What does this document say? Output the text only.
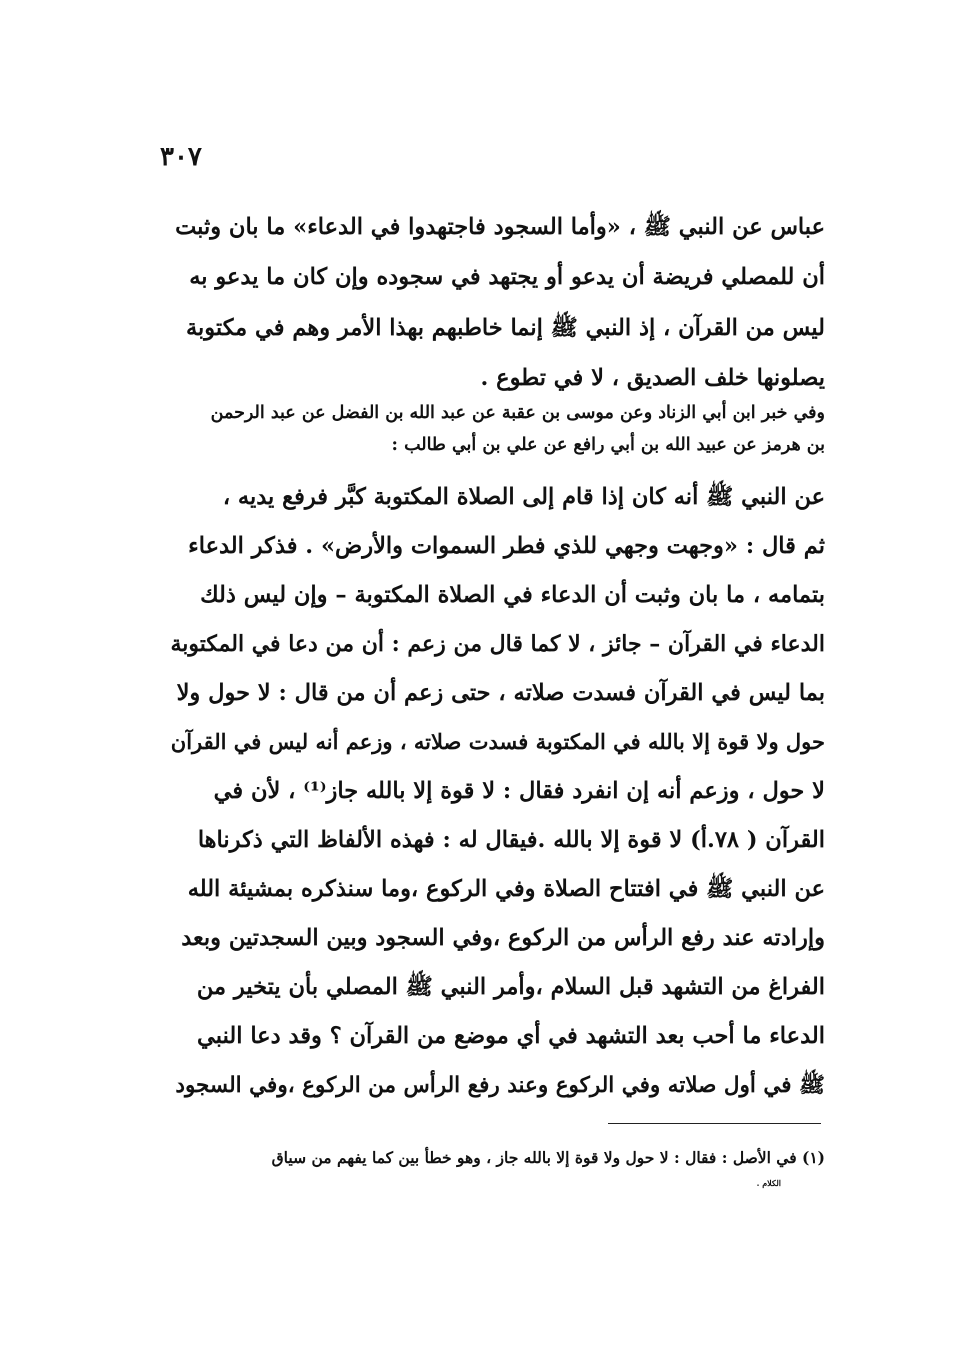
٣٠٧
عباس عن النبي ﷺ ، «وأما السجود فاجتهدوا في الدعاء» ما بان وثبت
أن للمصلي فريضة أن يدعو أو يجتهد في سجوده وإن كان ما يدعو به
ليس من القرآن ، إذ النبي ﷺ إنما خاطبهم بهذا الأمر وهم في مكتوبة
يصلونها خلف الصديق ، لا في تطوع .
وفي خبر ابن أبي الزناد وعن موسى بن عقبة عن عبد الله بن الفضل عن عبد الرحمن
بن هرمز عن عبيد الله بن أبي رافع عن علي بن أبي طالب :
عن النبي ﷺ أنه كان إذا قام إلى الصلاة المكتوبة كبَّر فرفع يديه ،
ثم قال : «وجهت وجهي للذي فطر السموات والأرض» . فذكر الدعاء
بتمامه ، ما بان وثبت أن الدعاء في الصلاة المكتوبة – وإن ليس ذلك
الدعاء في القرآن – جائز ، لا كما قال من زعم : أن من دعا في المكتوبة
بما ليس في القرآن فسدت صلاته ، حتى زعم أن من قال : لا حول ولا
حول ولا قوة إلا بالله في المكتوبة فسدت صلاته ، وزعم أنه ليس في القرآن
لا حول ، وزعم أنه إن انفرد فقال : لا قوة إلا بالله جاز⁽¹⁾ ، لأن في
القرآن ( ٧٨.أ) لا قوة إلا بالله .فيقال له : فهذه الألفاظ التي ذكرناها
عن النبي ﷺ في افتتاح الصلاة وفي الركوع ،وما سنذكره بمشيئة الله
وإرادته عند رفع الرأس من الركوع ،وفي السجود وبين السجدتين وبعد
الفراغ من التشهد قبل السلام ،وأمر النبي ﷺ المصلي بأن يتخير من
الدعاء ما أحب بعد التشهد في أي موضع من القرآن ؟ وقد دعا النبي
ﷺ في أول صلاته وفي الركوع وعند رفع الرأس من الركوع ،وفي السجود
(١) في الأصل : فقال : لا حول ولا قوة إلا بالله جاز ، وهو خطأ بين كما يفهم من سياق
الكلام .
